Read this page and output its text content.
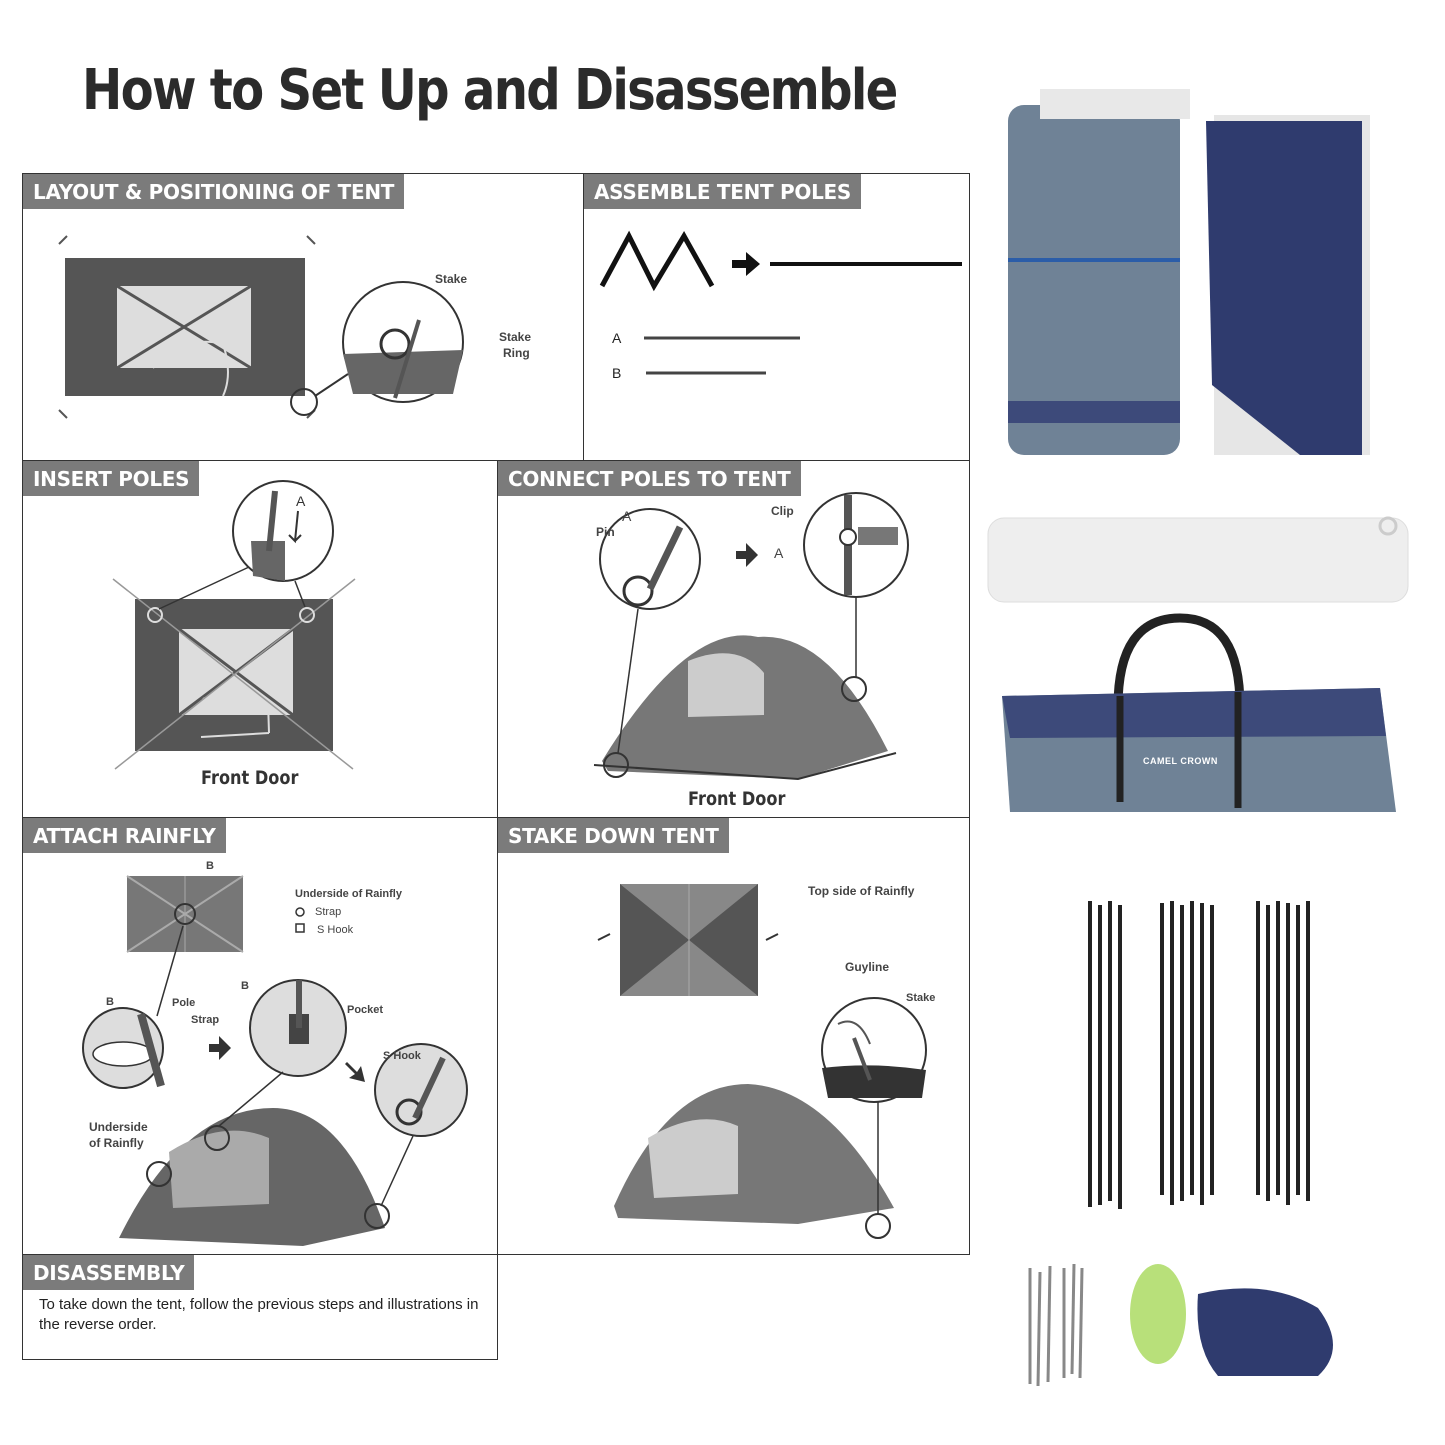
How to Set Up and Disassemble
LAYOUT & POSITIONING OF TENT
Stake
Stake
Ring
ASSEMBLE TENT POLES
A
B
INSERT POLES
A
Front Door
CONNECT POLES TO TENT
A
Pin
Clip
A
Front Door
ATTACH RAINFLY
B
Underside of Rainfly
Strap
S Hook
B	Pole
Strap
B
Pocket
S Hook
Underside
of Rainfly
STAKE DOWN TENT
Top side of Rainfly
Guyline
Stake
DISASSEMBLY
To take down the tent, follow the previous steps and illustrations in the reverse order.
CAMEL CROWN
